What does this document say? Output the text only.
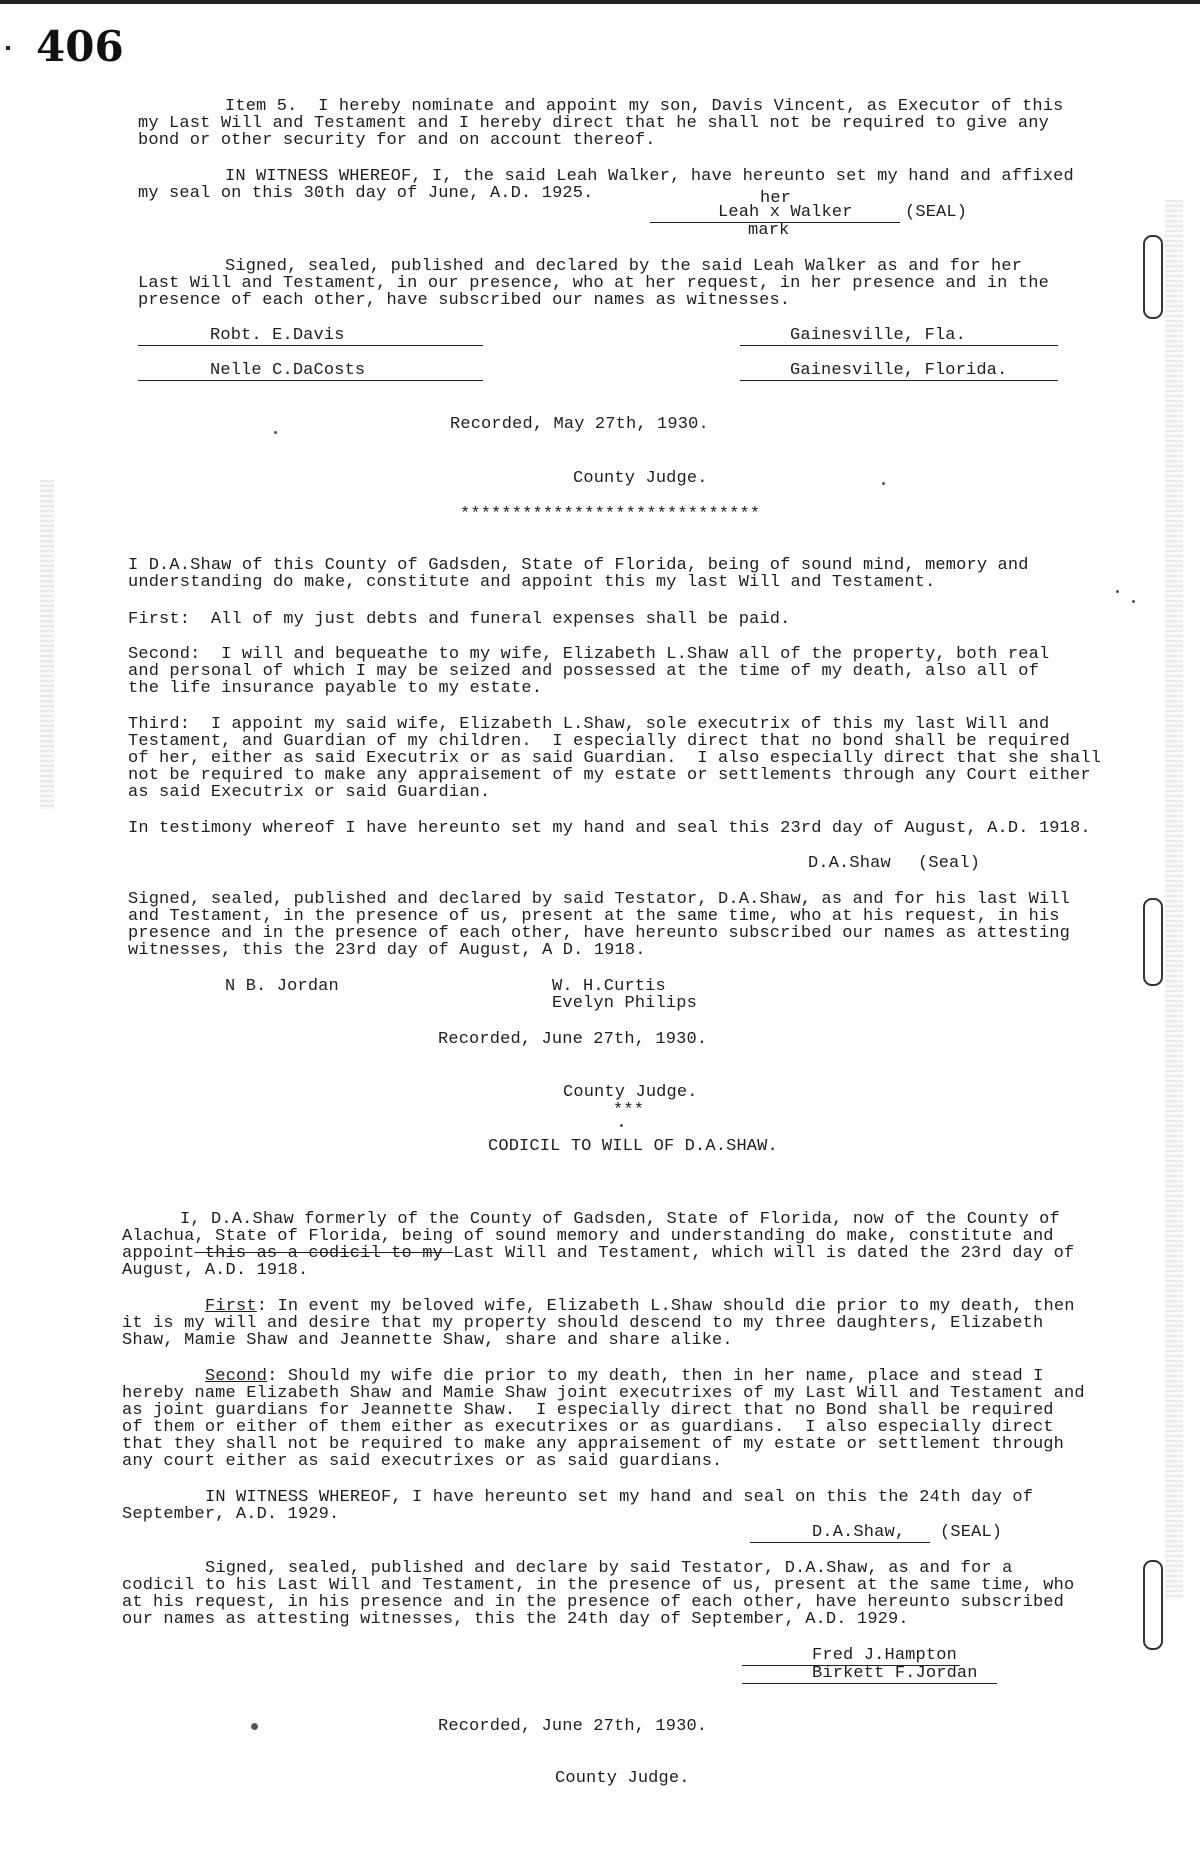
406
Item 5.  I hereby nominate and appoint my son, Davis Vincent, as Executor of this
my Last Will and Testament and I hereby direct that he shall not be required to give any
bond or other security for and on account thereof.
IN WITNESS WHEREOF, I, the said Leah Walker, have hereunto set my hand and affixed
my seal on this 30th day of June, A.D. 1925.	her
Leah x Walker	(SEAL)
mark
Signed, sealed, published and declared by the said Leah Walker as and for her
Last Will and Testament, in our presence, who at her request, in her presence and in the
presence of each other, have subscribed our names as witnesses.
Robt. E.Davis	Gainesville, Fla.
Nelle C.DaCosts	Gainesville, Florida.
Recorded, May 27th, 1930.
County Judge.
*****************************
I D.A.Shaw of this County of Gadsden, State of Florida, being of sound mind, memory and
understanding do make, constitute and appoint this my last Will and Testament.
First:  All of my just debts and funeral expenses shall be paid.
Second:  I will and bequeathe to my wife, Elizabeth L.Shaw all of the property, both real
and personal of which I may be seized and possessed at the time of my death, also all of
the life insurance payable to my estate.
Third:  I appoint my said wife, Elizabeth L.Shaw, sole executrix of this my last Will and
Testament, and Guardian of my children.  I especially direct that no bond shall be required
of her, either as said Executrix or as said Guardian.  I also especially direct that she shall
not be required to make any appraisement of my estate or settlements through any Court either
as said Executrix or said Guardian.
In testimony whereof I have hereunto set my hand and seal this 23rd day of August, A.D. 1918.
D.A.Shaw (Seal)
Signed, sealed, published and declared by said Testator, D.A.Shaw, as and for his last Will
and Testament, in the presence of us, present at the same time, who at his request, in his
presence and in the presence of each other, have hereunto subscribed our names as attesting
witnesses, this the 23rd day of August, A D. 1918.
N B. Jordan	W. H.Curtis
Evelyn Philips
Recorded, June 27th, 1930.
County Judge.
***
CODICIL TO WILL OF D.A.SHAW.
I, D.A.Shaw formerly of the County of Gadsden, State of Florida, now of the County of
Alachua, State of Florida, being of sound memory and understanding do make, constitute and
appoint this as a codicil to my Last Will and Testament, which will is dated the 23rd day of
August, A.D. 1918.
First: In event my beloved wife, Elizabeth L.Shaw should die prior to my death, then
it is my will and desire that my property should descend to my three daughters, Elizabeth
Shaw, Mamie Shaw and Jeannette Shaw, share and share alike.
Second: Should my wife die prior to my death, then in her name, place and stead I
hereby name Elizabeth Shaw and Mamie Shaw joint executrixes of my Last Will and Testament and
as joint guardians for Jeannette Shaw.  I especially direct that no Bond shall be required
of them or either of them either as executrixes or as guardians.  I also especially direct
that they shall not be required to make any appraisement of my estate or settlement through
any court either as said executrixes or as said guardians.
IN WITNESS WHEREOF, I have hereunto set my hand and seal on this the 24th day of
September, A.D. 1929.
D.A.Shaw, (SEAL)
Signed, sealed, published and declare by said Testator, D.A.Shaw, as and for a
codicil to his Last Will and Testament, in the presence of us, present at the same time, who
at his request, in his presence and in the presence of each other, have hereunto subscribed
our names as attesting witnesses, this the 24th day of September, A.D. 1929.
Fred J.Hampton
Birkett F.Jordan
Recorded, June 27th, 1930.
County Judge.
